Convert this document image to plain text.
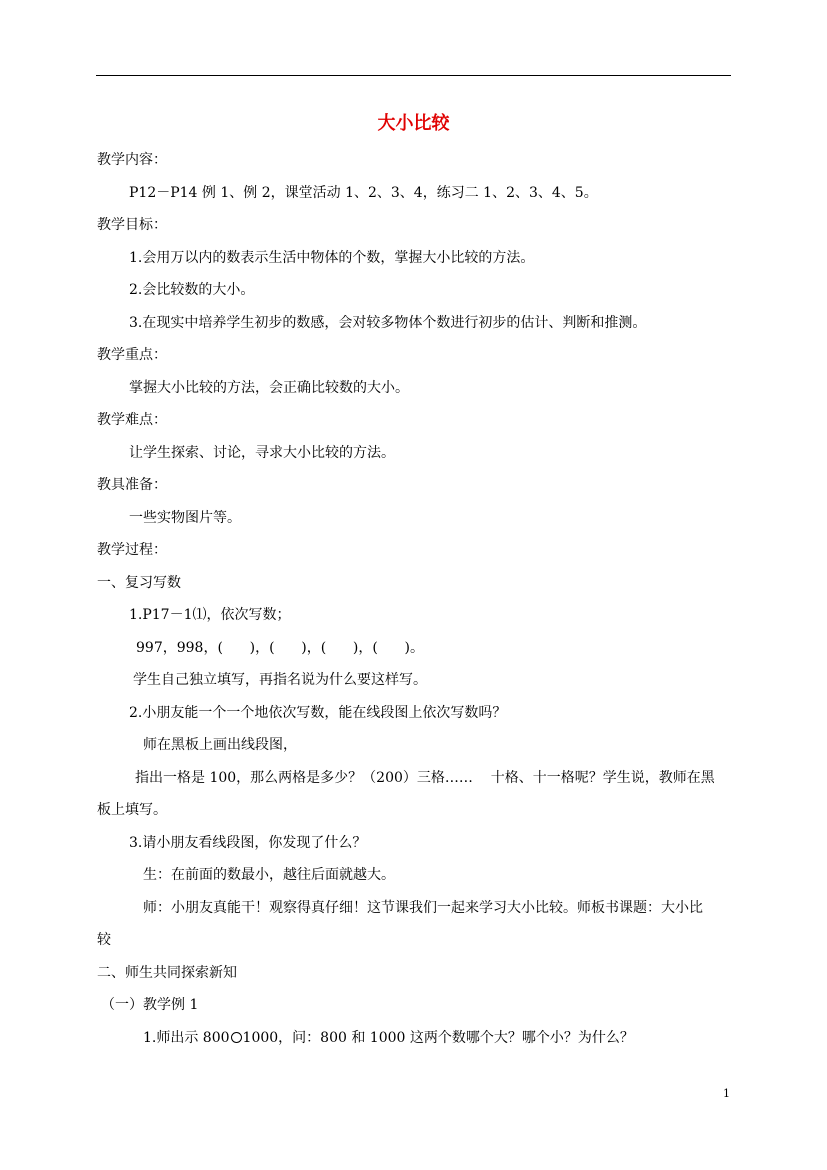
大小比较
教学内容：
P12－P14 例 1、例 2，课堂活动 1、2、3、4，练习二 1、2、3、4、5。
教学目标：
1.会用万以内的数表示生活中物体的个数，掌握大小比较的方法。
2.会比较数的大小。
3.在现实中培养学生初步的数感，会对较多物体个数进行初步的估计、判断和推测。
教学重点：
掌握大小比较的方法，会正确比较数的大小。
教学难点：
让学生探索、讨论，寻求大小比较的方法。
教具准备：
一些实物图片等。
教学过程：
一、复习写数
1.P17－1⑴，依次写数；
997，998，(      )，(      )，(      )，(      )。
学生自己独立填写，再指名说为什么要这样写。
2.小朋友能一个一个地依次写数，能在线段图上依次写数吗？
师在黑板上画出线段图，
指出一格是 100，那么两格是多少？（200）三格……    十格、十一格呢？学生说，教师在黑
板上填写。
3.请小朋友看线段图，你发现了什么？
生：在前面的数最小，越往后面就越大。
师：小朋友真能干！观察得真仔细！这节课我们一起来学习大小比较。师板书课题：大小比
较
二、师生共同探索新知
（一）教学例 1
1.师出示 800 1000，问：800 和 1000 这两个数哪个大？哪个小？为什么？
1
